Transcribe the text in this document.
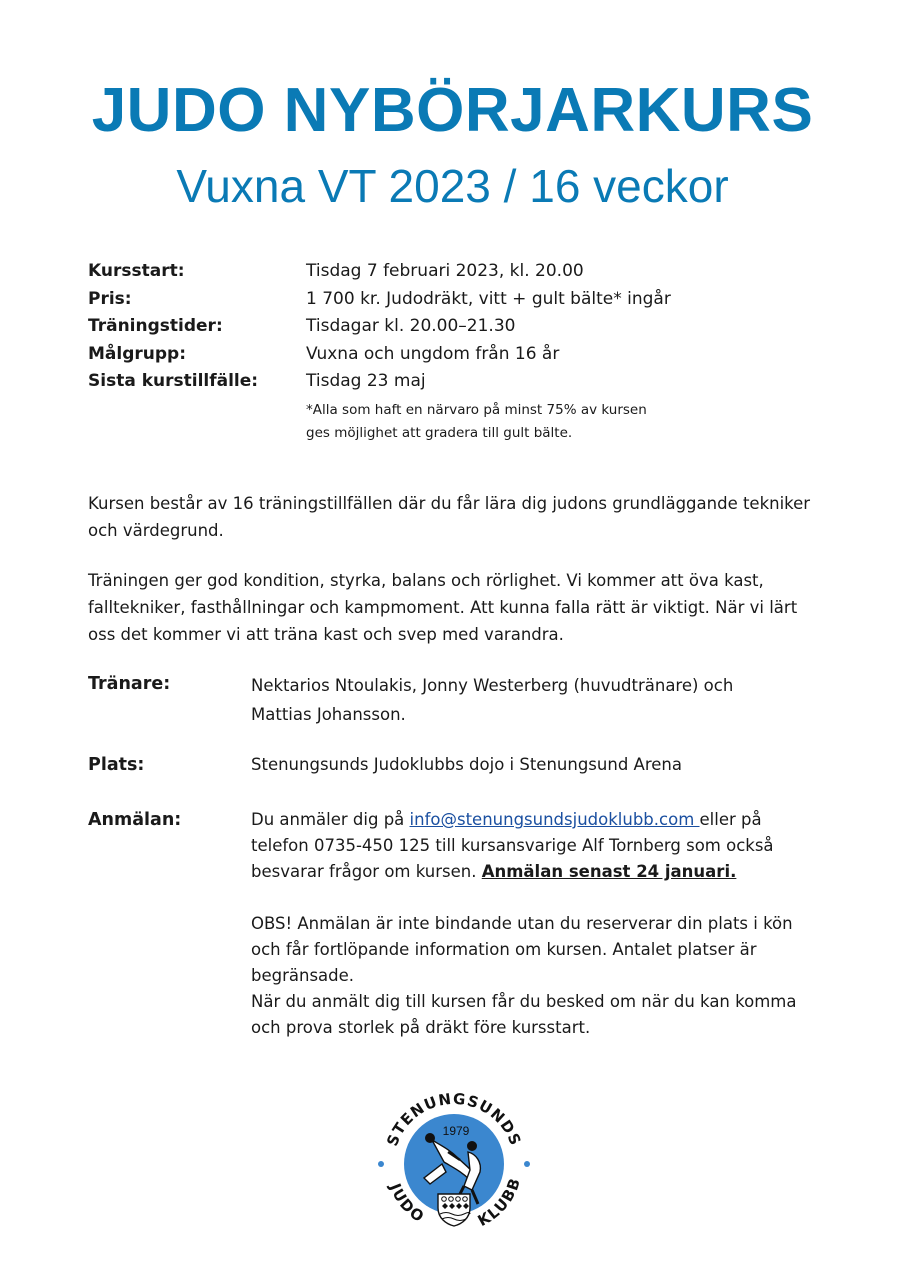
JUDO NYBÖRJARKURS
Vuxna VT 2023 / 16 veckor
Kursstart:	Tisdag 7 februari 2023, kl. 20.00
Pris:	1 700 kr. Judodräkt, vitt + gult bälte* ingår
Träningstider:	Tisdagar kl. 20.00–21.30
Målgrupp:	Vuxna och ungdom från 16 år
Sista kurstillfälle:	Tisdag 23 maj
*Alla som haft en närvaro på minst 75% av kursen
ges möjlighet att gradera till gult bälte.

Kursen består av 16 träningstillfällen där du får lära dig judons grundläggande tekniker och värdegrund.

Träningen ger god kondition, styrka, balans och rörlighet. Vi kommer att öva kast, falltekniker, fasthållningar och kampmoment. Att kunna falla rätt är viktigt. När vi lärt oss det kommer vi att träna kast och svep med varandra.

Tränare:	Nektarios Ntoulakis, Jonny Westerberg (huvudtränare) och
Mattias Johansson.
Plats:	Stenungsunds Judoklubbs dojo i Stenungsund Arena
Anmälan:	Du anmäler dig på info@stenungsundsjudoklubb.com eller på telefon 0735-450 125 till kursansvarige Alf Tornberg som också besvarar frågor om kursen. Anmälan senast 24 januari.
OBS! Anmälan är inte bindande utan du reserverar din plats i kön och får fortlöpande information om kursen. Antalet platser är begränsade.
När du anmält dig till kursen får du besked om när du kan komma och prova storlek på dräkt före kursstart.
STENUNGSUNDS
JUDO	KLUBB
1979
